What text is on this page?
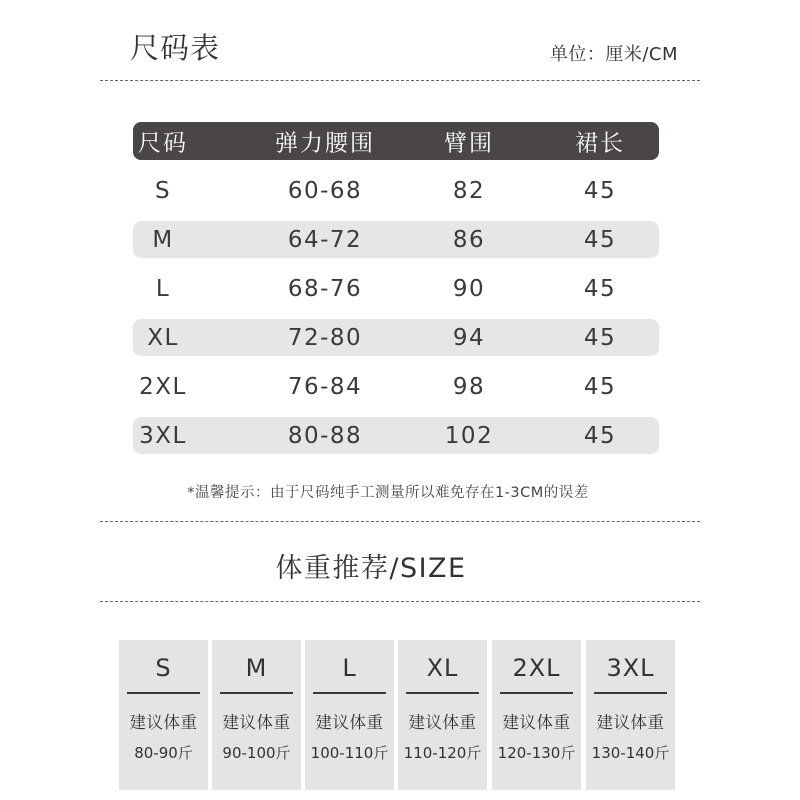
尺码表	单位：厘米/CM
尺码	弹力腰围	臂围	裙长
S	60-68	82	45
M	64-72	86	45
L	68-76	90	45
XL	72-80	94	45
2XL	76-84	98	45
3XL	80-88	102	45
*温馨提示：由于尺码纯手工测量所以难免存在1-3CM的误差
体重推荐/SIZE
S
建议体重
80-90斤
M
建议体重
90-100斤
L
建议体重
100-110斤
XL
建议体重
110-120斤
2XL
建议体重
120-130斤
3XL
建议体重
130-140斤
